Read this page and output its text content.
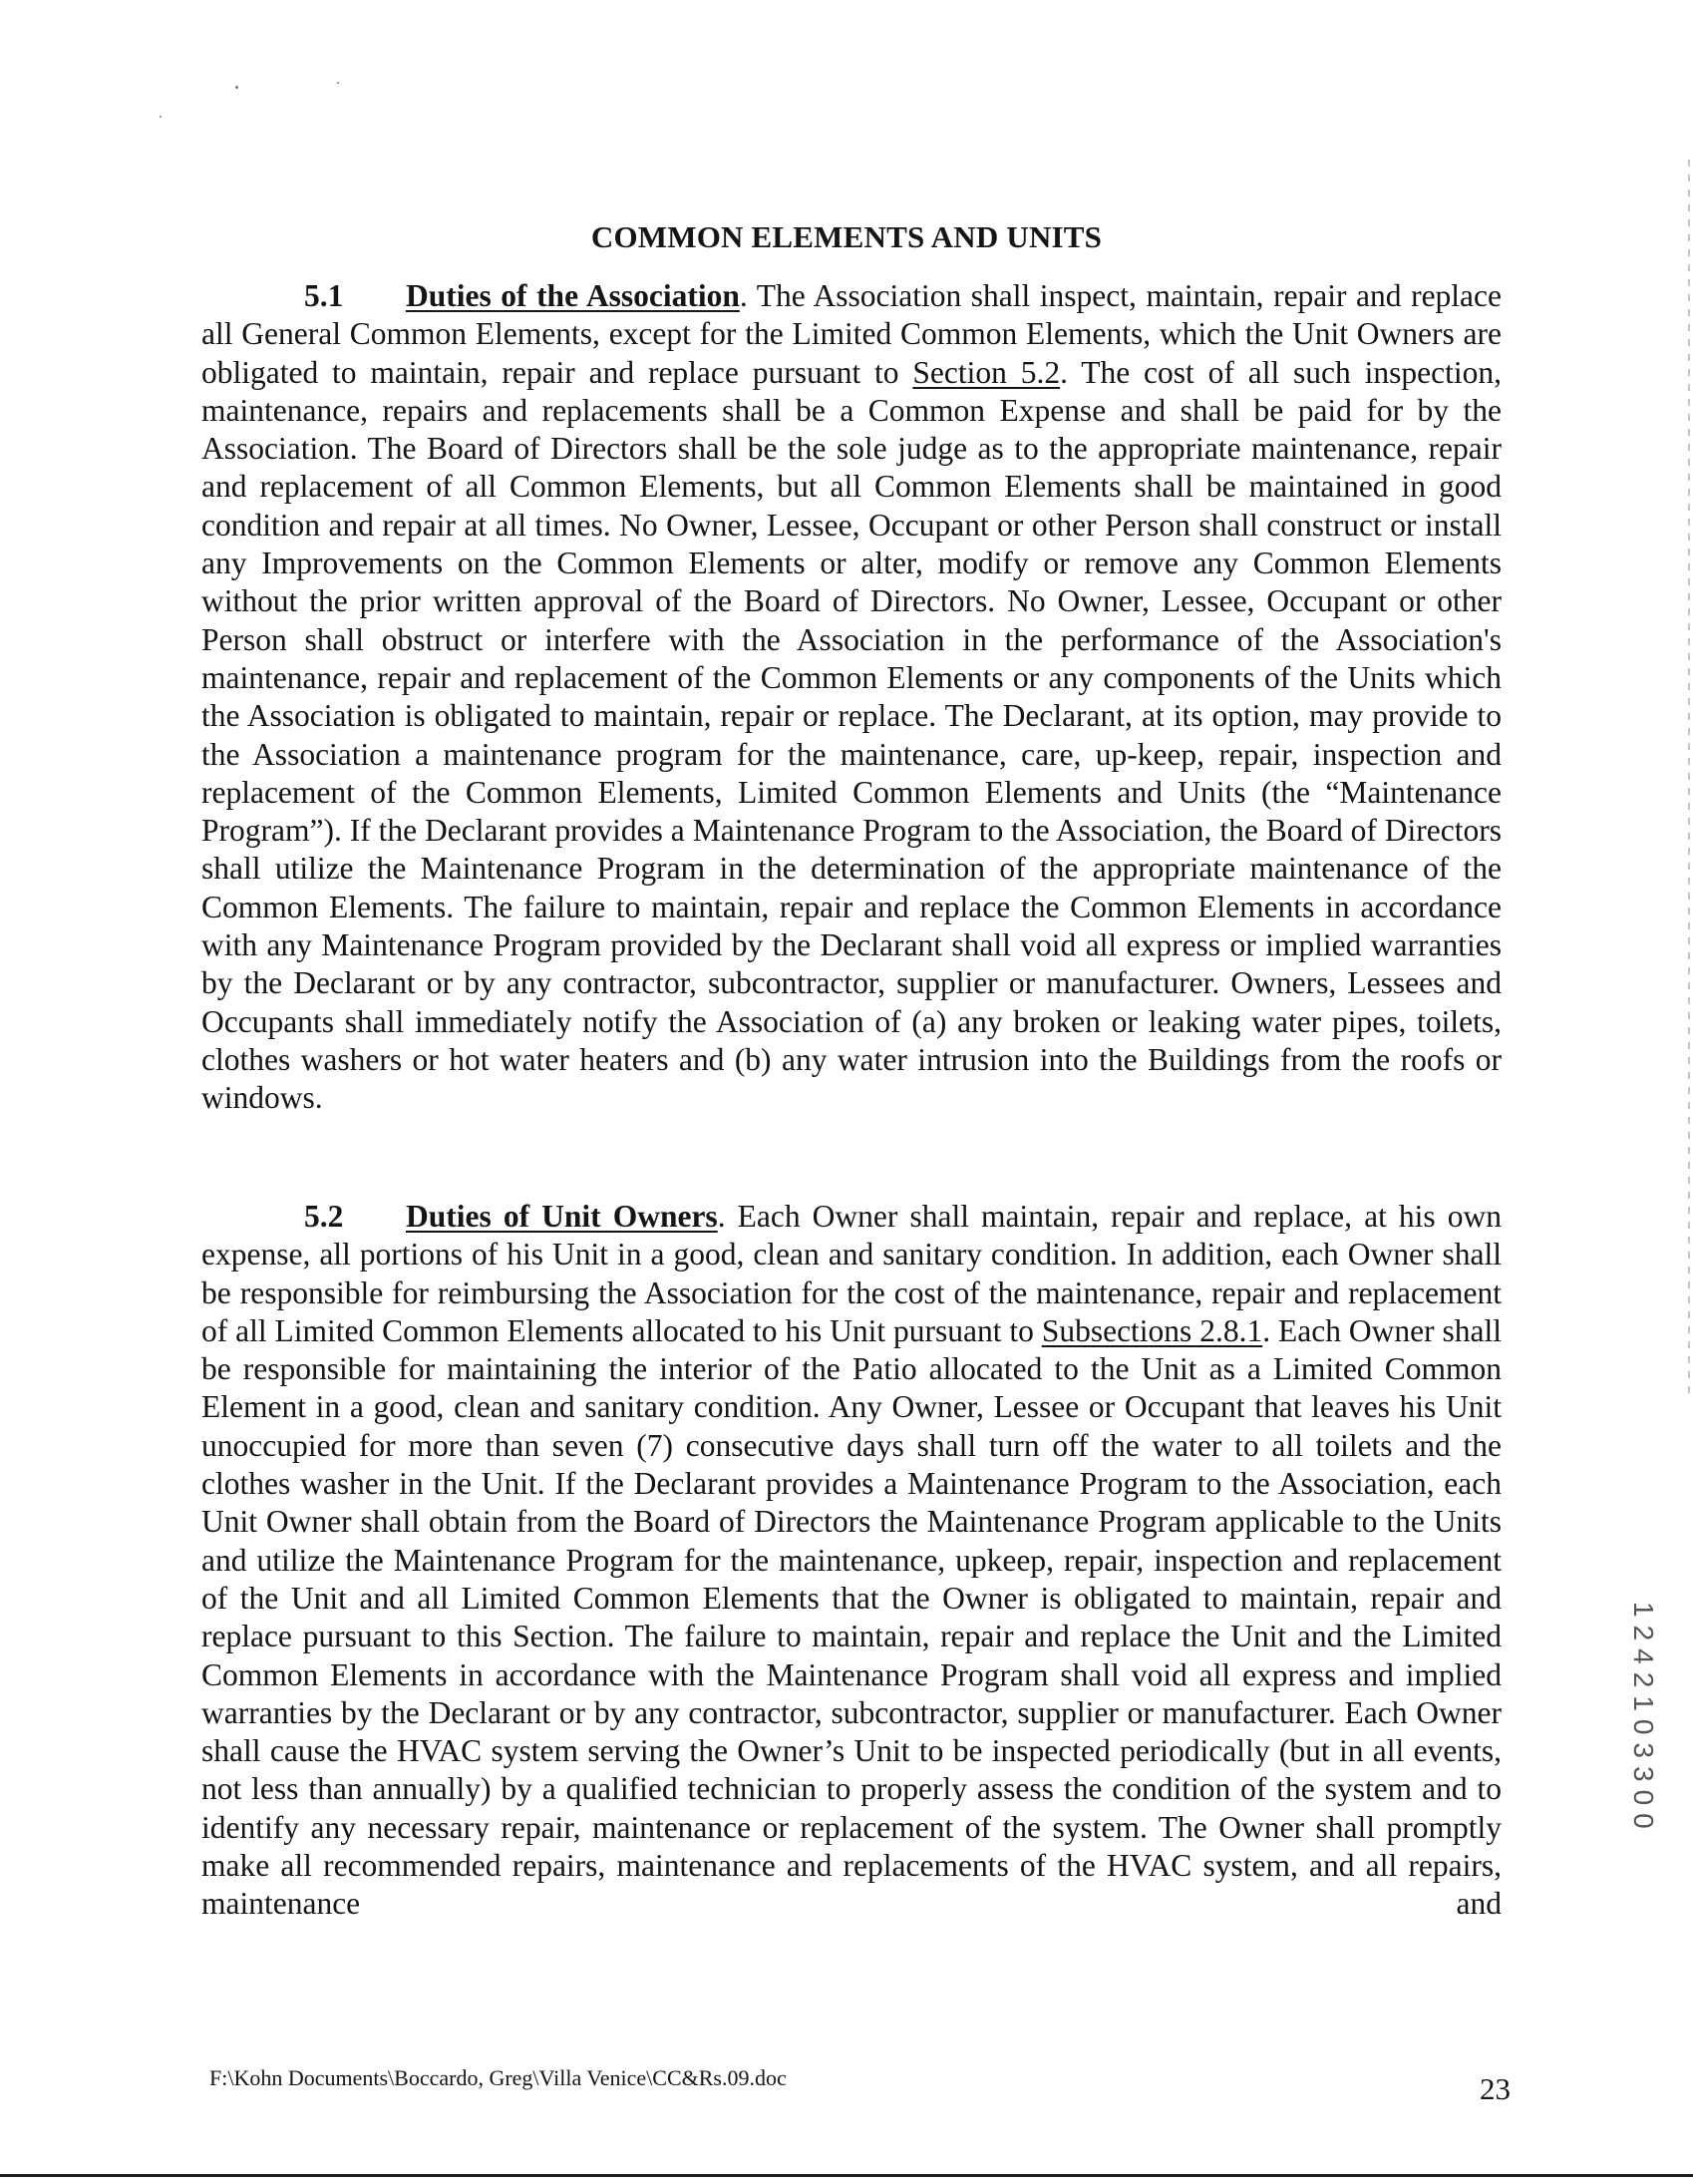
COMMON ELEMENTS AND UNITS
5.1 Duties of the Association. The Association shall inspect, maintain, repair and replace all General Common Elements, except for the Limited Common Elements, which the Unit Owners are obligated to maintain, repair and replace pursuant to Section 5.2. The cost of all such inspection, maintenance, repairs and replacements shall be a Common Expense and shall be paid for by the Association. The Board of Directors shall be the sole judge as to the appropriate maintenance, repair and replacement of all Common Elements, but all Common Elements shall be maintained in good condition and repair at all times. No Owner, Lessee, Occupant or other Person shall construct or install any Improvements on the Common Elements or alter, modify or remove any Common Elements without the prior written approval of the Board of Directors. No Owner, Lessee, Occupant or other Person shall obstruct or interfere with the Association in the performance of the Association's maintenance, repair and replacement of the Common Elements or any components of the Units which the Association is obligated to maintain, repair or replace. The Declarant, at its option, may provide to the Association a maintenance program for the maintenance, care, up-keep, repair, inspection and replacement of the Common Elements, Limited Common Elements and Units (the “Maintenance Program”). If the Declarant provides a Maintenance Program to the Association, the Board of Directors shall utilize the Maintenance Program in the determination of the appropriate maintenance of the Common Elements. The failure to maintain, repair and replace the Common Elements in accordance with any Maintenance Program provided by the Declarant shall void all express or implied warranties by the Declarant or by any contractor, subcontractor, supplier or manufacturer. Owners, Lessees and Occupants shall immediately notify the Association of (a) any broken or leaking water pipes, toilets, clothes washers or hot water heaters and (b) any water intrusion into the Buildings from the roofs or windows.
5.2 Duties of Unit Owners. Each Owner shall maintain, repair and replace, at his own expense, all portions of his Unit in a good, clean and sanitary condition. In addition, each Owner shall be responsible for reimbursing the Association for the cost of the maintenance, repair and replacement of all Limited Common Elements allocated to his Unit pursuant to Subsections 2.8.1. Each Owner shall be responsible for maintaining the interior of the Patio allocated to the Unit as a Limited Common Element in a good, clean and sanitary condition. Any Owner, Lessee or Occupant that leaves his Unit unoccupied for more than seven (7) consecutive days shall turn off the water to all toilets and the clothes washer in the Unit. If the Declarant provides a Maintenance Program to the Association, each Unit Owner shall obtain from the Board of Directors the Maintenance Program applicable to the Units and utilize the Maintenance Program for the maintenance, upkeep, repair, inspection and replacement of the Unit and all Limited Common Elements that the Owner is obligated to maintain, repair and replace pursuant to this Section. The failure to maintain, repair and replace the Unit and the Limited Common Elements in accordance with the Maintenance Program shall void all express and implied warranties by the Declarant or by any contractor, subcontractor, supplier or manufacturer. Each Owner shall cause the HVAC system serving the Owner’s Unit to be inspected periodically (but in all events, not less than annually) by a qualified technician to properly assess the condition of the system and to identify any necessary repair, maintenance or replacement of the system. The Owner shall promptly make all recommended repairs, maintenance and replacements of the HVAC system, and all repairs, maintenance and
1242103300
F:\Kohn Documents\Boccardo, Greg\Villa Venice\CC&Rs.09.doc	23
